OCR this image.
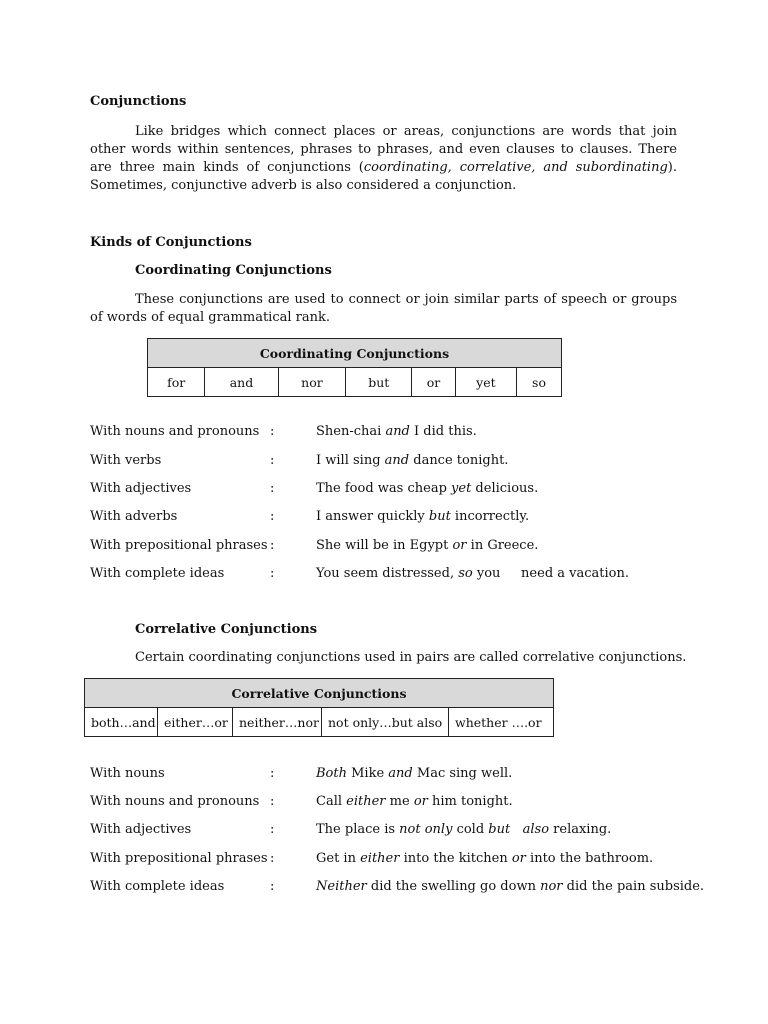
Conjunctions

Like bridges which connect places or areas, conjunctions are words that join other words within sentences, phrases to phrases, and even clauses to clauses. There are three main kinds of conjunctions (coordinating, correlative, and subordinating). Sometimes, conjunctive adverb is also considered a conjunction.

Kinds of Conjunctions
Coordinating Conjunctions

These conjunctions are used to connect or join similar parts of speech or groups of words of equal grammatical rank.

Coordinating Conjunctions
for	and	nor	but	or	yet	so
With nouns and pronouns :	Shen-chai and I did this.
With verbs	:	I will sing and dance tonight.
With adjectives	:	The food was cheap yet delicious.
With adverbs	:	I answer quickly but incorrectly.
With prepositional phrases :	She will be in Egypt or in Greece.
With complete ideas	:	You seem distressed, so you     need a vacation.
Correlative Conjunctions

Certain coordinating conjunctions used in pairs are called correlative conjunctions.

Correlative Conjunctions
both…and	either…or	neither…nor	not only…but also	whether ….or
With nouns	:	Both Mike and Mac sing well.
With nouns and pronouns :	Call either me or him tonight.
With adjectives	:	The place is not only cold but   also relaxing.
With prepositional phrases :	Get in either into the kitchen or into the bathroom.
With complete ideas	:	Neither did the swelling go down nor did the pain subside.
